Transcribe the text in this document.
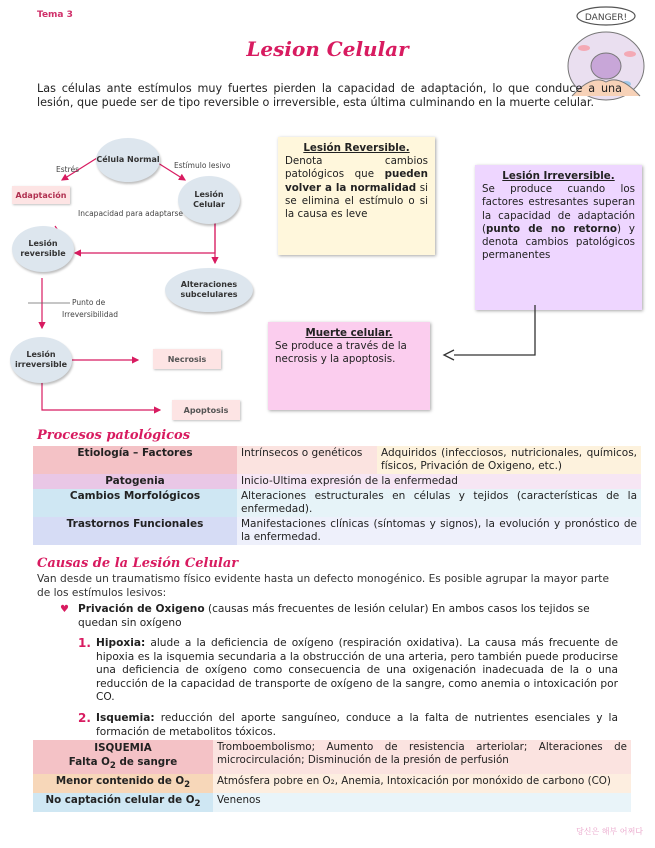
Tema 3
Lesion Celular
DANGER!
Las células ante estímulos muy fuertes pierden la capacidad de adaptación, lo que conduce a una lesión, que puede ser de tipo reversible o irreversible, esta última culminando en la muerte celular.
Célula Normal
Lesión Celular
Lesión reversible
Alteraciones subcelulares
Lesión irreversible
Adaptación
Necrosis
Apoptosis
Estrés	Estímulo lesivo
Incapacidad para adaptarse
Punto de
Irreversibilidad
Lesión Reversible.
Denota cambios patológicos que pueden volver a la normalidad si se elimina el estímulo o si la causa es leve
Lesión Irreversible.
Se produce cuando los factores estresantes superan la capacidad de adaptación (punto de no retorno) y denota cambios patológicos permanentes
Muerte celular.
Se produce a través de la necrosis y la apoptosis.
Procesos patológicos
Etiología – Factores	Intrínsecos o genéticos	Adquiridos (infecciosos, nutricionales, químicos, físicos, Privación de Oxigeno, etc.)
Patogenia	Inicio-Ultima expresión de la enfermedad	
Cambios Morfológicos	Alteraciones estructurales en células y tejidos (características de la enfermedad).	
Trastornos Funcionales	Manifestaciones clínicas (síntomas y signos), la evolución y pronóstico de la enfermedad.	
Causas de la Lesión Celular
Van desde un traumatismo físico evidente hasta un defecto monogénico. Es posible agrupar la mayor parte de los estímulos lesivos:
♥ Privación de Oxigeno (causas más frecuentes de lesión celular) En ambos casos los tejidos se quedan sin oxígeno
1. Hipoxia: alude a la deficiencia de oxígeno (respiración oxidativa). La causa más frecuente de hipoxia es la isquemia secundaria a la obstrucción de una arteria, pero también puede producirse una deficiencia de oxígeno como consecuencia de una oxigenación inadecuada de la o una reducción de la capacidad de transporte de oxígeno de la sangre, como anemia o intoxicación por CO.
2. Isquemia: reducción del aporte sanguíneo, conduce a la falta de nutrientes esenciales y la formación de metabolitos tóxicos.
ISQUEMIA
Falta $O_2$ de sangre	Tromboembolismo; Aumento de resistencia arteriolar; Alteraciones de microcirculación; Disminución de la presión de perfusión
Menor contenido de $O_2$	Atmósfera pobre en O₂, Anemia, Intoxicación por monóxido de carbono (CO)
No captación celular de $O_2$	Venenos
당신은 해부 어쩌다
